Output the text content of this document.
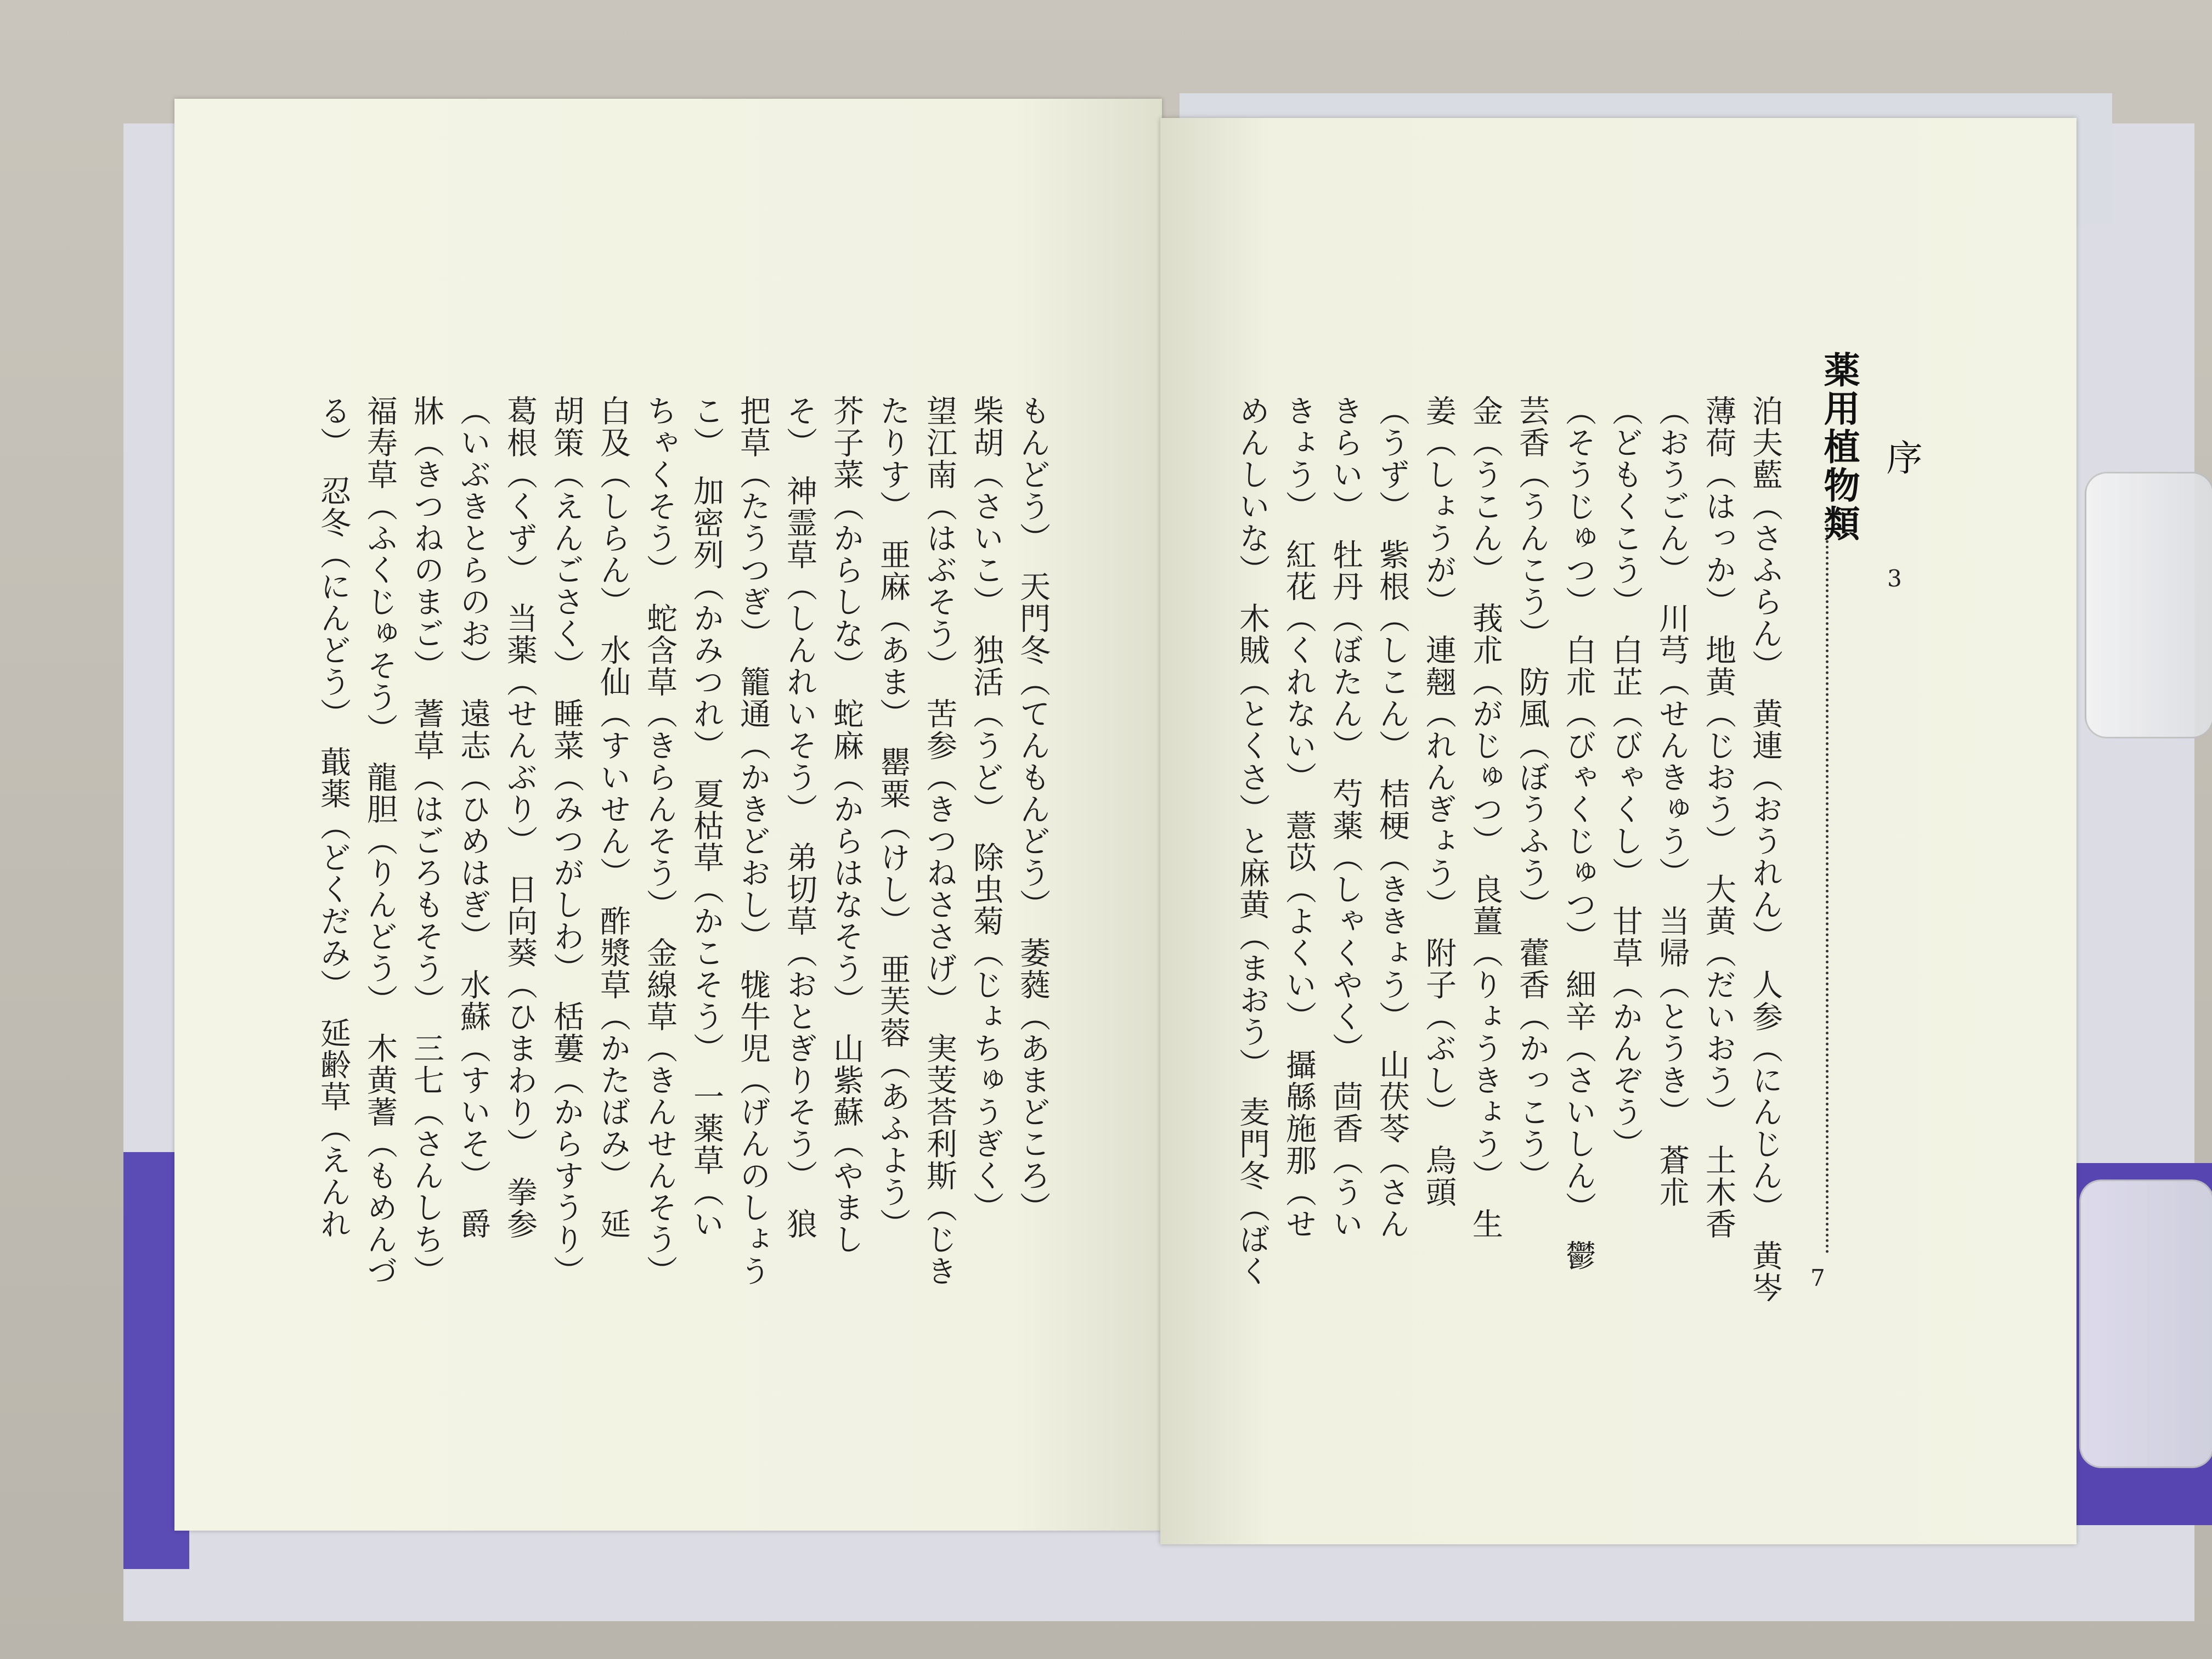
序
3
薬用植物類
7
泊夫藍（さふらん）　黄連（おうれん）　人参（にんじん）　黄岑
薄荷（はっか）　地黄（じおう）　大黄（だいおう）　土木香
（おうごん）　川芎（せんきゅう）　当帰（とうき）　蒼朮
（どもくこう）　白芷（びゃくし）　甘草（かんぞう）
（そうじゅつ）　白朮（びゃくじゅつ）　細辛（さいしん）　鬱
芸香（うんこう）　防風（ぼうふう）　藿香（かっこう）
金（うこん）　莪朮（がじゅつ）　良薑（りょうきょう）　生
姜（しょうが）　連翹（れんぎょう）　附子（ぶし）　烏頭
（うず）　紫根（しこん）　桔梗（ききょう）　山茯苓（さん
きらい）　牡丹（ぼたん）　芍薬（しゃくやく）　茴香（うい
きょう）　紅花（くれない）　薏苡（よくい）　攝緜施那（せ
めんしいな）　木賊（とくさ）と麻黄（まおう）　麦門冬（ばく
もんどう）　天門冬（てんもんどう）　萎蕤（あまどころ）
柴胡（さいこ）　独活（うど）　除虫菊（じょちゅうぎく）
望江南（はぶそう）　苦参（きつねささげ）　実芰荅利斯（じき
たりす）　亜麻（あま）　罌粟（けし）　亜芙蓉（あふよう）
芥子菜（からしな）　蛇麻（からはなそう）　山紫蘇（やまし
そ）　神霊草（しんれいそう）　弟切草（おとぎりそう）　狼
把草（たうつぎ）　籠通（かきどおし）　牻牛児（げんのしょう
こ）　加密列（かみつれ）　夏枯草（かこそう）　一薬草（い
ちゃくそう）　蛇含草（きらんそう）　金線草（きんせんそう）
白及（しらん）　水仙（すいせん）　酢漿草（かたばみ）　延
胡策（えんごさく）　睡菜（みつがしわ）　栝蔞（からすうり）
葛根（くず）　当薬（せんぶり）　日向葵（ひまわり）　拳参
（いぶきとらのお）　遠志（ひめはぎ）　水蘇（すいそ）　爵
牀（きつねのまご）　蓍草（はごろもそう）　三七（さんしち）
福寿草（ふくじゅそう）　龍胆（りんどう）　木黄蓍（もめんづ
る）　忍冬（にんどう）　蕺薬（どくだみ）　延齢草（えんれ
